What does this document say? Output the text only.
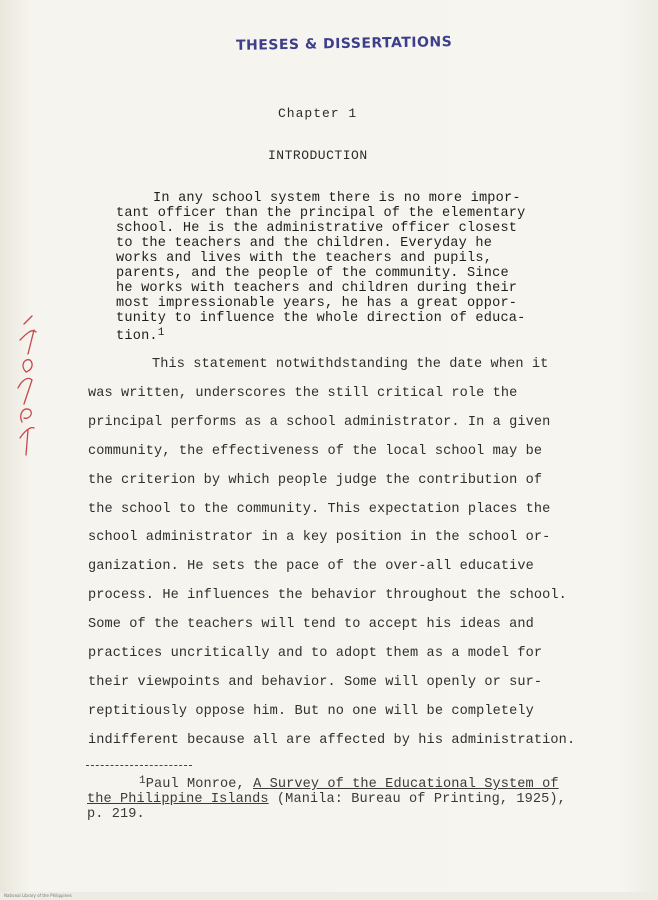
THESES & DISSERTATIONS
Chapter 1
INTRODUCTION
In any school system there is no more impor-
tant officer than the principal of the elementary
school. He is the administrative officer closest
to the teachers and the children. Everyday he
works and lives with the teachers and pupils,
parents, and the people of the community. Since
he works with teachers and children during their
most impressionable years, he has a great oppor-
tunity to influence the whole direction of educa-
tion.$^1$
This statement notwithdstanding the date when it
was written, underscores the still critical role the
principal performs as a school administrator. In a given
community, the effectiveness of the local school may be
the criterion by which people judge the contribution of
the school to the community. This expectation places the
school administrator in a key position in the school or-
ganization. He sets the pace of the over-all educative
process. He influences the behavior throughout the school.
Some of the teachers will tend to accept his ideas and
practices uncritically and to adopt them as a model for
their viewpoints and behavior. Some will openly or sur-
reptitiously oppose him. But no one will be completely
indifferent because all are affected by his administration.
$^1$Paul Monroe, A Survey of the Educational System of
the Philippine Islands (Manila: Bureau of Printing, 1925),
p. 219.
National Library of the Philippines
